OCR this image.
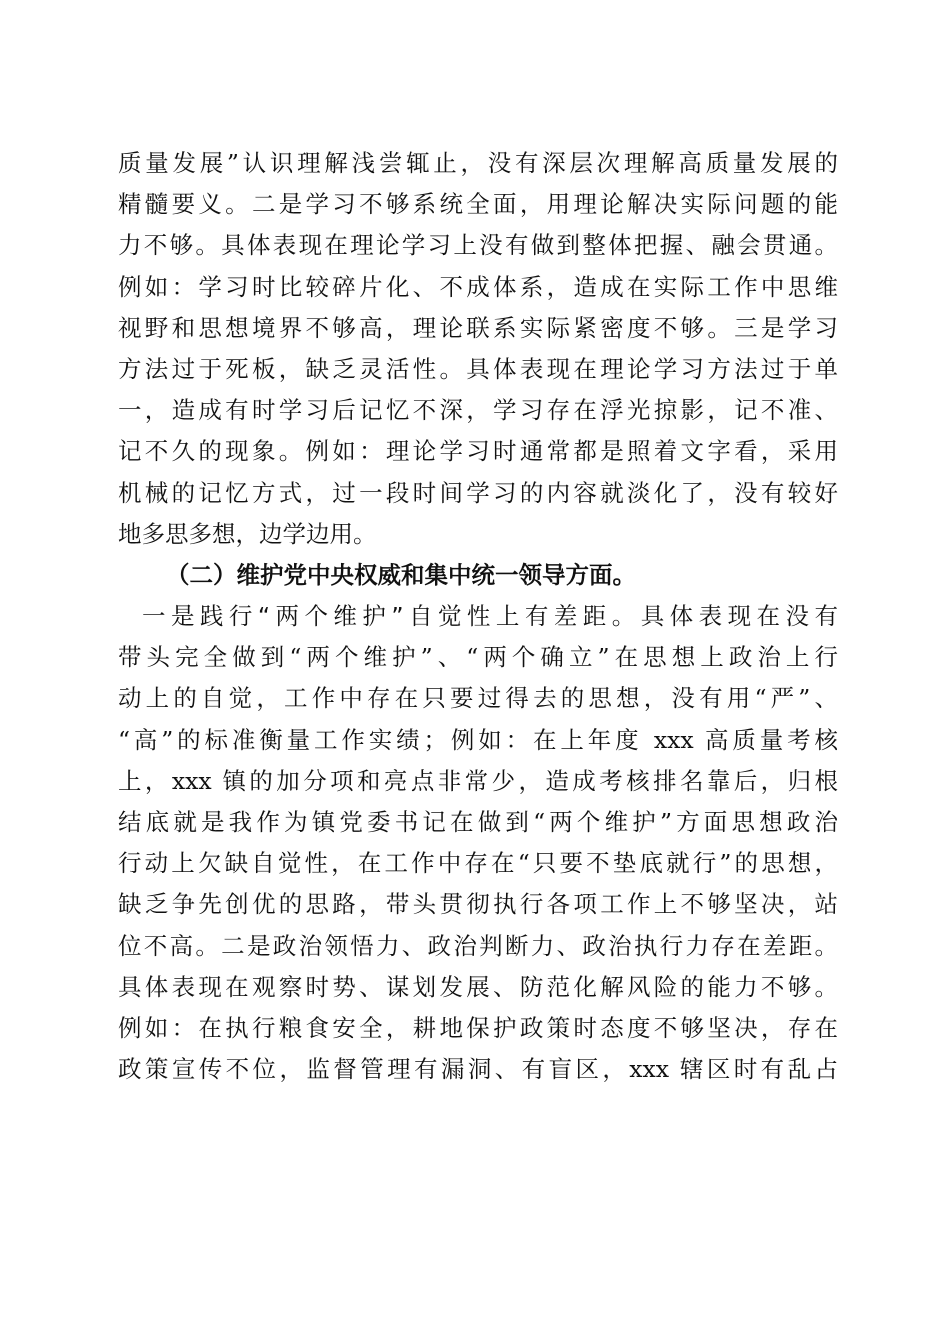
质量发展”认识理解浅尝辄止，没有深层次理解高质量发展的
精髓要义。二是学习不够系统全面，用理论解决实际问题的能
力不够。具体表现在理论学习上没有做到整体把握、融会贯通。
例如：学习时比较碎片化、不成体系，造成在实际工作中思维
视野和思想境界不够高，理论联系实际紧密度不够。三是学习
方法过于死板，缺乏灵活性。具体表现在理论学习方法过于单
一，造成有时学习后记忆不深，学习存在浮光掠影，记不准、
记不久的现象。例如：理论学习时通常都是照着文字看，采用
机械的记忆方式，过一段时间学习的内容就淡化了，没有较好
地多思多想，边学边用。
（二）维护党中央权威和集中统一领导方面。
一是践行“两个维护”自觉性上有差距。具体表现在没有
带头完全做到“两个维护”、“两个确立”在思想上政治上行
动上的自觉，工作中存在只要过得去的思想，没有用“严”、
“高”的标准衡量工作实绩；例如：在上年度 xxx 高质量考核
上，xxx 镇的加分项和亮点非常少，造成考核排名靠后，归根
结底就是我作为镇党委书记在做到“两个维护”方面思想政治
行动上欠缺自觉性，在工作中存在“只要不垫底就行”的思想，
缺乏争先创优的思路，带头贯彻执行各项工作上不够坚决，站
位不高。二是政治领悟力、政治判断力、政治执行力存在差距。
具体表现在观察时势、谋划发展、防范化解风险的能力不够。
例如：在执行粮食安全，耕地保护政策时态度不够坚决，存在
政策宣传不位，监督管理有漏洞、有盲区，xxx 辖区时有乱占
